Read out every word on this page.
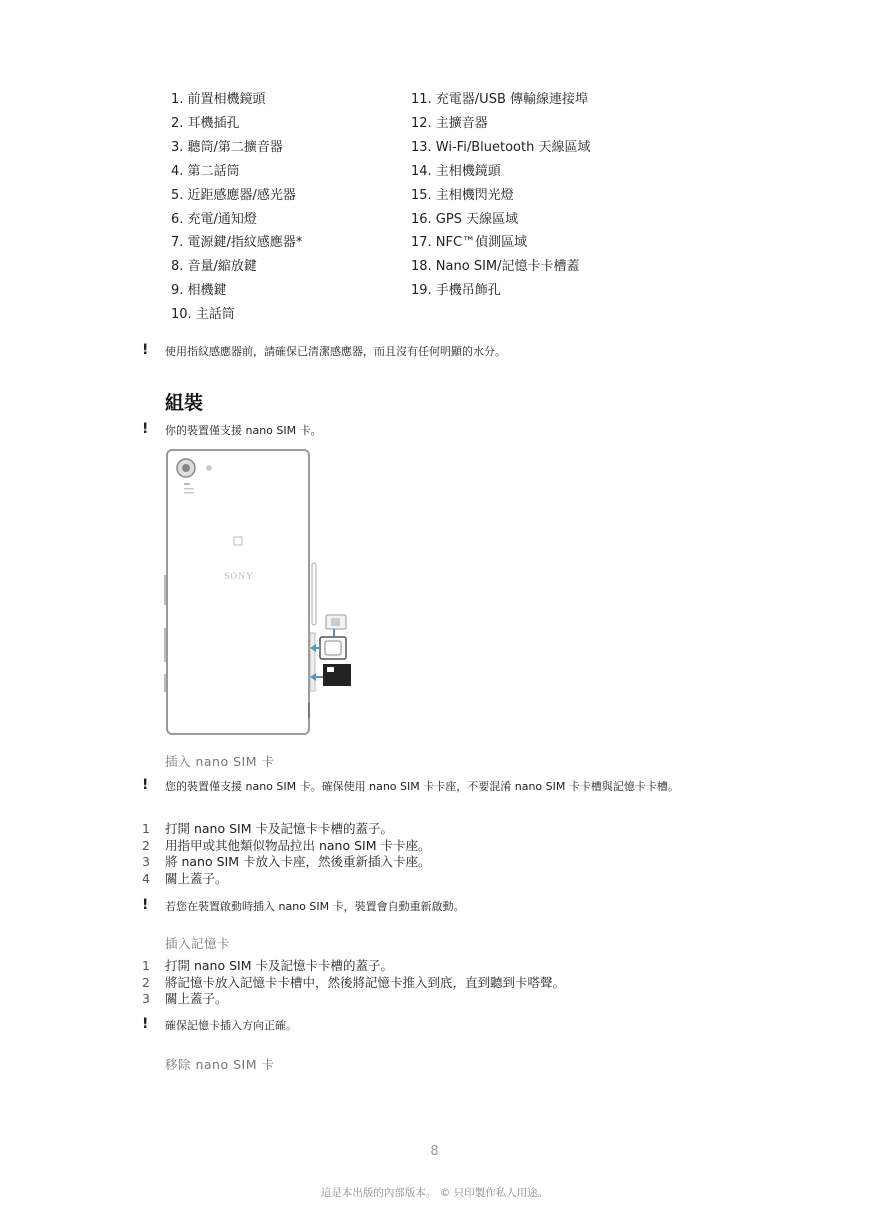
1. 前置相機鏡頭
2. 耳機插孔
3. 聽筒/第二擴音器
4. 第二話筒
5. 近距感應器/感光器
6. 充電/通知燈
7. 電源鍵/指紋感應器*
8. 音量/縮放鍵
9. 相機鍵
10. 主話筒
11. 充電器/USB 傳輸線連接埠
12. 主擴音器
13. Wi-Fi/Bluetooth 天線區域
14. 主相機鏡頭
15. 主相機閃光燈
16. GPS 天線區域
17. NFC™偵測區域
18. Nano SIM/記憶卡卡槽蓋
19. 手機吊飾孔
! 使用指紋感應器前，請確保已清潔感應器，而且沒有任何明顯的水分。
組裝
! 你的裝置僅支援 nano SIM 卡。
SONY
插入 nano SIM 卡
! 您的裝置僅支援 nano SIM 卡。確保使用 nano SIM 卡卡座，不要混淆 nano SIM 卡卡槽與記憶卡卡槽。
1 打開 nano SIM 卡及記憶卡卡槽的蓋子。
2 用指甲或其他類似物品拉出 nano SIM 卡卡座。
3 將 nano SIM 卡放入卡座，然後重新插入卡座。
4 關上蓋子。
! 若您在裝置啟動時插入 nano SIM 卡，裝置會自動重新啟動。
插入記憶卡
1 打開 nano SIM 卡及記憶卡卡槽的蓋子。
2 將記憶卡放入記憶卡卡槽中，然後將記憶卡推入到底，直到聽到卡嗒聲。
3 關上蓋子。
! 確保記憶卡插入方向正確。
移除 nano SIM 卡
8
這是本出版的內部版本。 © 只印製作私人用途。
